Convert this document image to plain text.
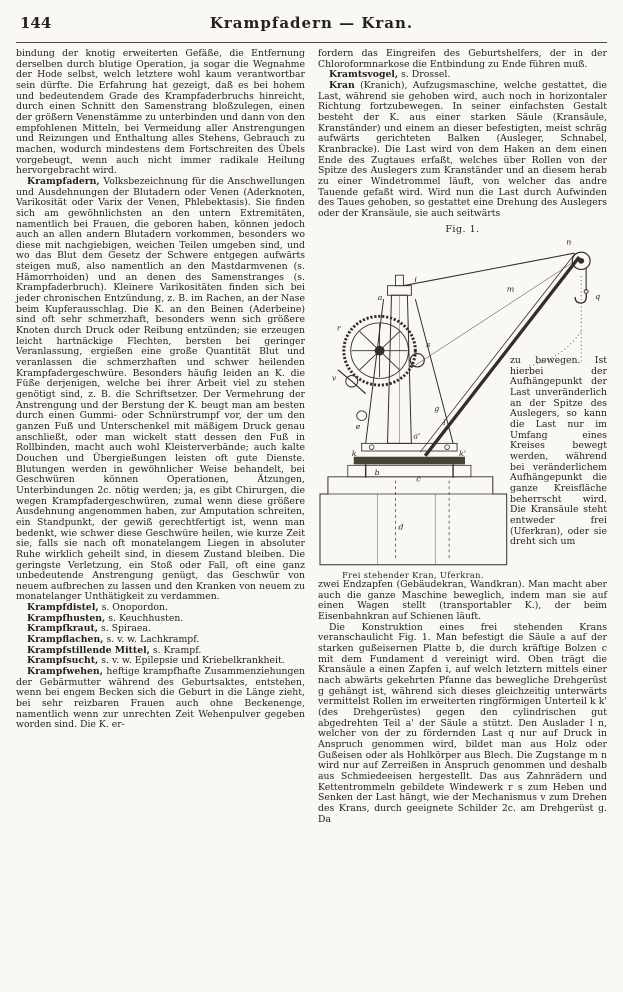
144	Krampfadern — Kran.

bindung der knotig erweiterten Gefäße, die Entfernung derselben durch blutige Operation, ja sogar die Wegnahme der Hode selbst, welch letztere wohl kaum verantwortbar sein dürfte. Die Erfahrung hat gezeigt, daß es bei hohem und bedeutendem Grade des Krampfaderbruchs hinreicht, durch einen Schnitt den Samenstrang bloßzulegen, einen der größern Venenstämme zu unterbinden und dann von den empfohlenen Mitteln, bei Vermeidung aller Anstrengungen und Reizungen und Enthaltung alles Stehens, Gebrauch zu machen, wodurch mindestens dem Fortschreiten des Übels vorgebeugt, wenn auch nicht immer radikale Heilung hervorgebracht wird.

Krampfadern, Volksbezeichnung für die Anschwellungen und Ausdehnungen der Blutadern oder Venen (Aderknoten, Varikosität oder Varix der Venen, Phlebektasis). Sie finden sich am gewöhnlichsten an den untern Extremitäten, namentlich bei Frauen, die geboren haben, können jedoch auch an allen andern Blutadern vorkommen, besonders wo diese mit nachgiebigen, weichen Teilen umgeben sind, und wo das Blut dem Gesetz der Schwere entgegen aufwärts steigen muß, also namentlich an den Mastdarmvenen (s. Hämorrhoiden) und an denen des Samenstranges (s. Krampfaderbruch). Kleinere Varikositäten finden sich bei jeder chronischen Entzündung, z. B. im Rachen, an der Nase beim Kupferausschlag. Die K. an den Beinen (Aderbeine) sind oft sehr schmerzhaft, besonders wenn sich größere Knoten durch Druck oder Reibung entzünden; sie erzeugen leicht hartnäckige Flechten, bersten bei geringer Veranlassung, ergießen eine große Quantität Blut und veranlassen die schmerzhaften und schwer heilenden Krampfadergeschwüre. Besonders häufig leiden an K. die Füße derjenigen, welche bei ihrer Arbeit viel zu stehen genötigt sind, z. B. die Schriftsetzer. Der Vermehrung der Anstrengung und der Berstung der K. beugt man am besten durch einen Gummi- oder Schnürstrumpf vor, der um den ganzen Fuß und Unterschenkel mit mäßigem Druck genau anschließt, oder man wickelt statt dessen den Fuß in Rollbinden, macht auch wohl Kleisterverbände; auch kalte Douchen und Übergießungen leisten oft gute Dienste. Blutungen werden in gewöhnlicher Weise behandelt, bei Geschwüren können Operationen, Ätzungen, Unterbindungen 2c. nötig werden; ja, es gibt Chirurgen, die wegen Krampfadergeschwüren, zumal wenn diese größere Ausdehnung angenommen haben, zur Amputation schreiten, ein Standpunkt, der gewiß gerechtfertigt ist, wenn man bedenkt, wie schwer diese Geschwüre heilen, wie kurze Zeit sie, falls sie nach oft monatelangem Liegen in absoluter Ruhe wirklich geheilt sind, in diesem Zustand bleiben. Die geringste Verletzung, ein Stoß oder Fall, oft eine ganz unbedeutende Anstrengung genügt, das Geschwür von neuem aufbrechen zu lassen und den Kranken von neuem zu monatelanger Unthätigkeit zu verdammen.

Krampfdistel, s. Onopordon.

Krampfhusten, s. Keuchhusten.

Krampfkraut, s. Spiraea.

Krampflachen, s. v. w. Lachkrampf.

Krampfstillende Mittel, s. Krampf.

Krampfsucht, s. v. w. Epilepsie und Kriebelkrankheit.

Krampfwehen, heftige krampfhafte Zusammenziehungen der Gebärmutter während des Geburtsaktes, entstehen, wenn bei engem Becken sich die Geburt in die Länge zieht, bei sehr reizbaren Frauen auch ohne Beckenenge, namentlich wenn zur unrechten Zeit Wehenpulver gegeben worden sind. Die K. er-

fordern das Eingreifen des Geburtshelfers, der in der Chloroformnarkose die Entbindung zu Ende führen muß.

Kramtsvogel, s. Drossel.

Kran (Kranich), Aufzugsmaschine, welche gestattet, die Last, während sie gehoben wird, auch noch in horizontaler Richtung fortzubewegen. In seiner einfachsten Gestalt besteht der K. aus einer starken Säule (Kransäule, Kranständer) und einem an dieser befestigten, meist schräg aufwärts gerichteten Balken (Ausleger, Schnabel, Kranbracke). Die Last wird von dem Haken an dem einen Ende des Zugtaues erfaßt, welches über Rollen von der Spitze des Auslegers zum Kranständer und an diesem herab zu einer Windetrommel läuft, von welcher das andre Tauende gefaßt wird. Wird nun die Last durch Aufwinden des Taues gehoben, so gestattet eine Drehung des Auslegers oder der Kransäule, sie auch seitwärts

Fig. 1.
n
q
m
s
r
i
a
g
v
e	l
a'
k	k'
b
c
d
zu bewegen. Ist hierbei der Aufhängepunkt der Last unveränderlich an der Spitze des Auslegers, so kann die Last nur im Umfang eines Kreises bewegt werden, während bei veränderlichem Aufhängepunkt die ganze Kreisfläche beherrscht wird. Die Kransäule steht entweder frei (Uferkran), oder sie dreht sich um
Frei stehender Kran, Uferkran.

zwei Endzapfen (Gebäudekran, Wandkran). Man macht aber auch die ganze Maschine beweglich, indem man sie auf einen Wagen stellt (transportabler K.), der beim Eisenbahnkran auf Schienen läuft.

Die Konstruktion eines frei stehenden Krans veranschaulicht Fig. 1. Man befestigt die Säule a auf der starken gußeisernen Platte b, die durch kräftige Bolzen c mit dem Fundament d vereinigt wird. Oben trägt die Kransäule a einen Zapfen i, auf welch letztern mittels einer nach abwärts gekehrten Pfanne das bewegliche Drehgerüst g gehängt ist, während sich dieses gleichzeitig unterwärts vermittelst Rollen im erweiterten ringförmigen Unterteil k k' (des Drehgerüstes) gegen den cylindrischen gut abgedrehten Teil a' der Säule a stützt. Den Auslader l n, welcher von der zu fördernden Last q nur auf Druck in Anspruch genommen wird, bildet man aus Holz oder Gußeisen oder als Hohlkörper aus Blech. Die Zugstange m n wird nur auf Zerreißen in Anspruch genommen und deshalb aus Schmiedeeisen hergestellt. Das aus Zahnrädern und Kettentrommeln gebildete Windewerk r s zum Heben und Senken der Last hängt, wie der Mechanismus v zum Drehen des Krans, durch geeignete Schilder 2c. am Drehgerüst g. Da
